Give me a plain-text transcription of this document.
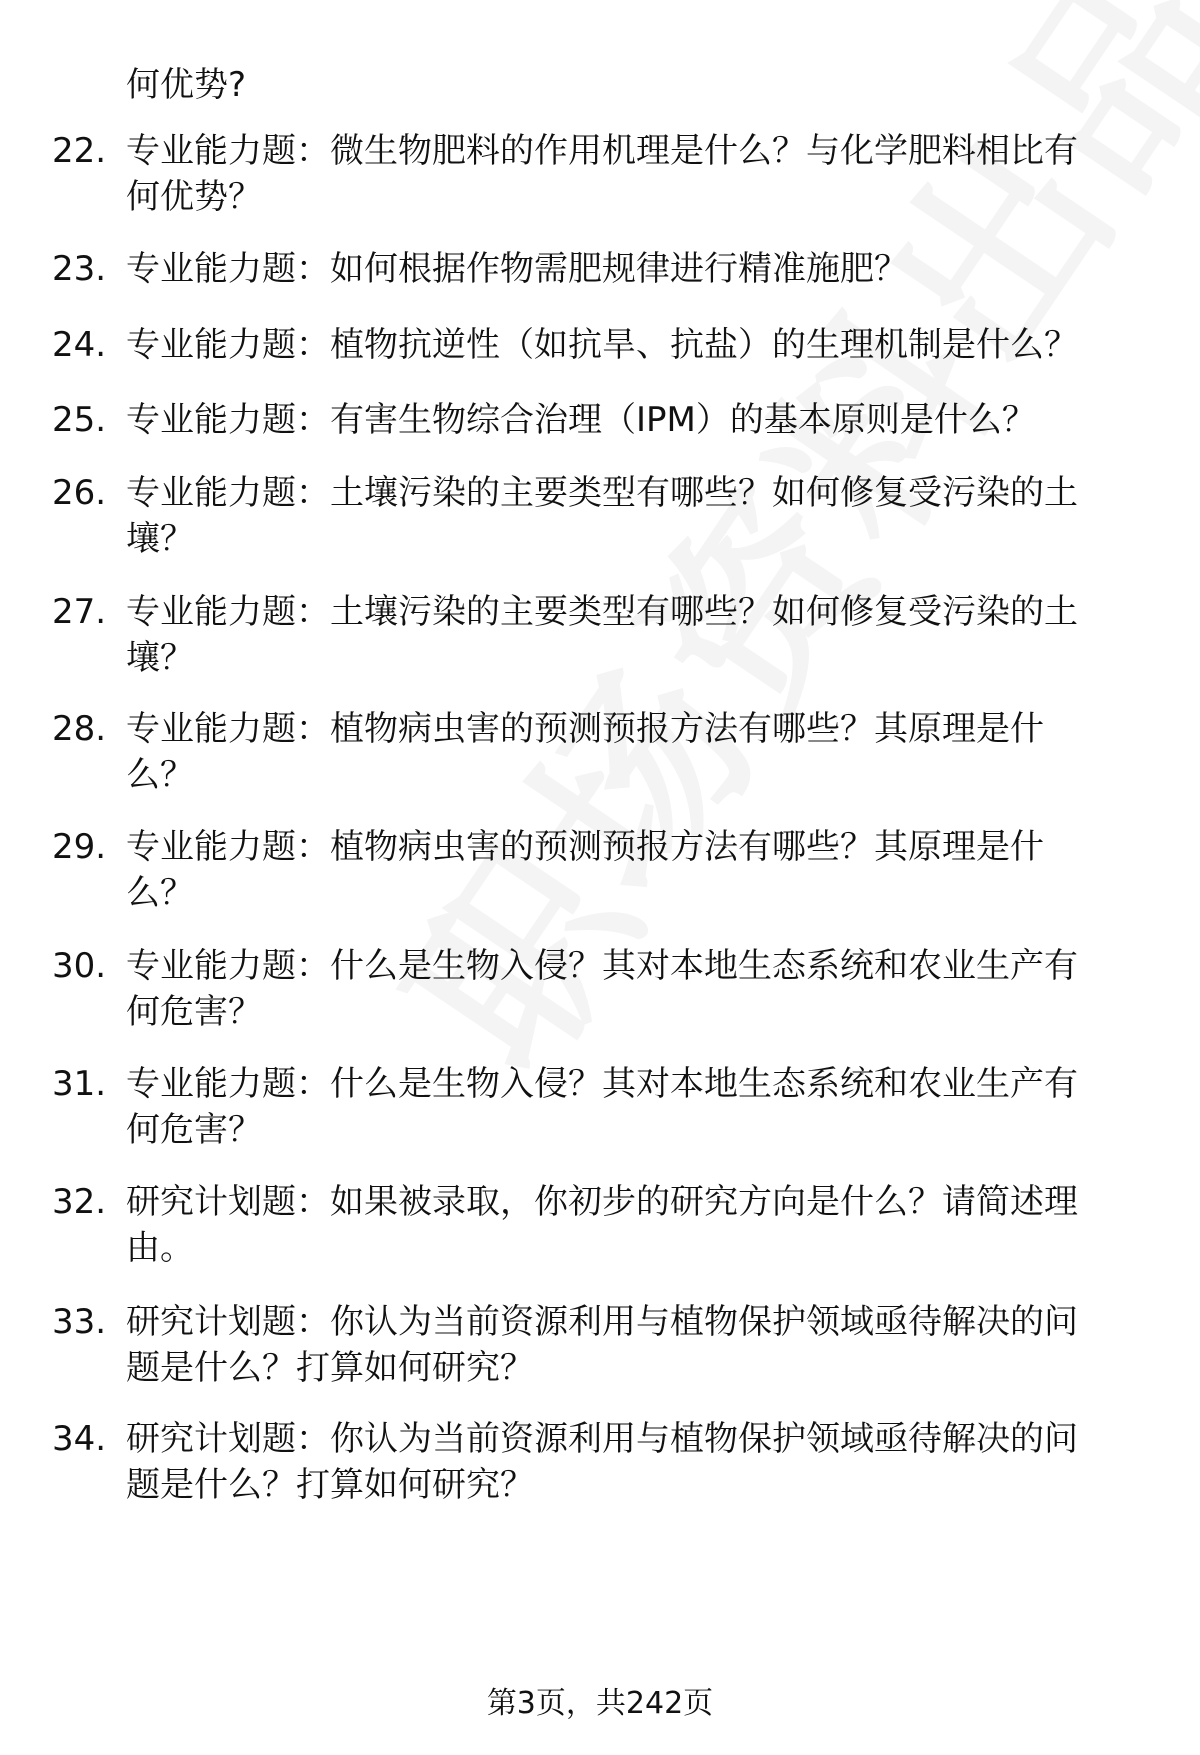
何优势?
22. 专业能力题：微生物肥料的作用机理是什么？与化学肥料相比有
何优势？
23. 专业能力题：如何根据作物需肥规律进行精准施肥？
24. 专业能力题：植物抗逆性（如抗旱、抗盐）的生理机制是什么？
25. 专业能力题：有害生物综合治理（IPM）的基本原则是什么？
26. 专业能力题：土壤污染的主要类型有哪些？如何修复受污染的土
壤？
27. 专业能力题：土壤污染的主要类型有哪些？如何修复受污染的土
壤？
28. 专业能力题：植物病虫害的预测预报方法有哪些？其原理是什
么？
29. 专业能力题：植物病虫害的预测预报方法有哪些？其原理是什
么？
30. 专业能力题：什么是生物入侵？其对本地生态系统和农业生产有
何危害？
31. 专业能力题：什么是生物入侵？其对本地生态系统和农业生产有
何危害？
32. 研究计划题：如果被录取，你初步的研究方向是什么？请简述理
由。
33. 研究计划题：你认为当前资源利用与植物保护领域亟待解决的问
题是什么？打算如何研究？
34. 研究计划题：你认为当前资源利用与植物保护领域亟待解决的问
题是什么？打算如何研究？
第3页，共242页
